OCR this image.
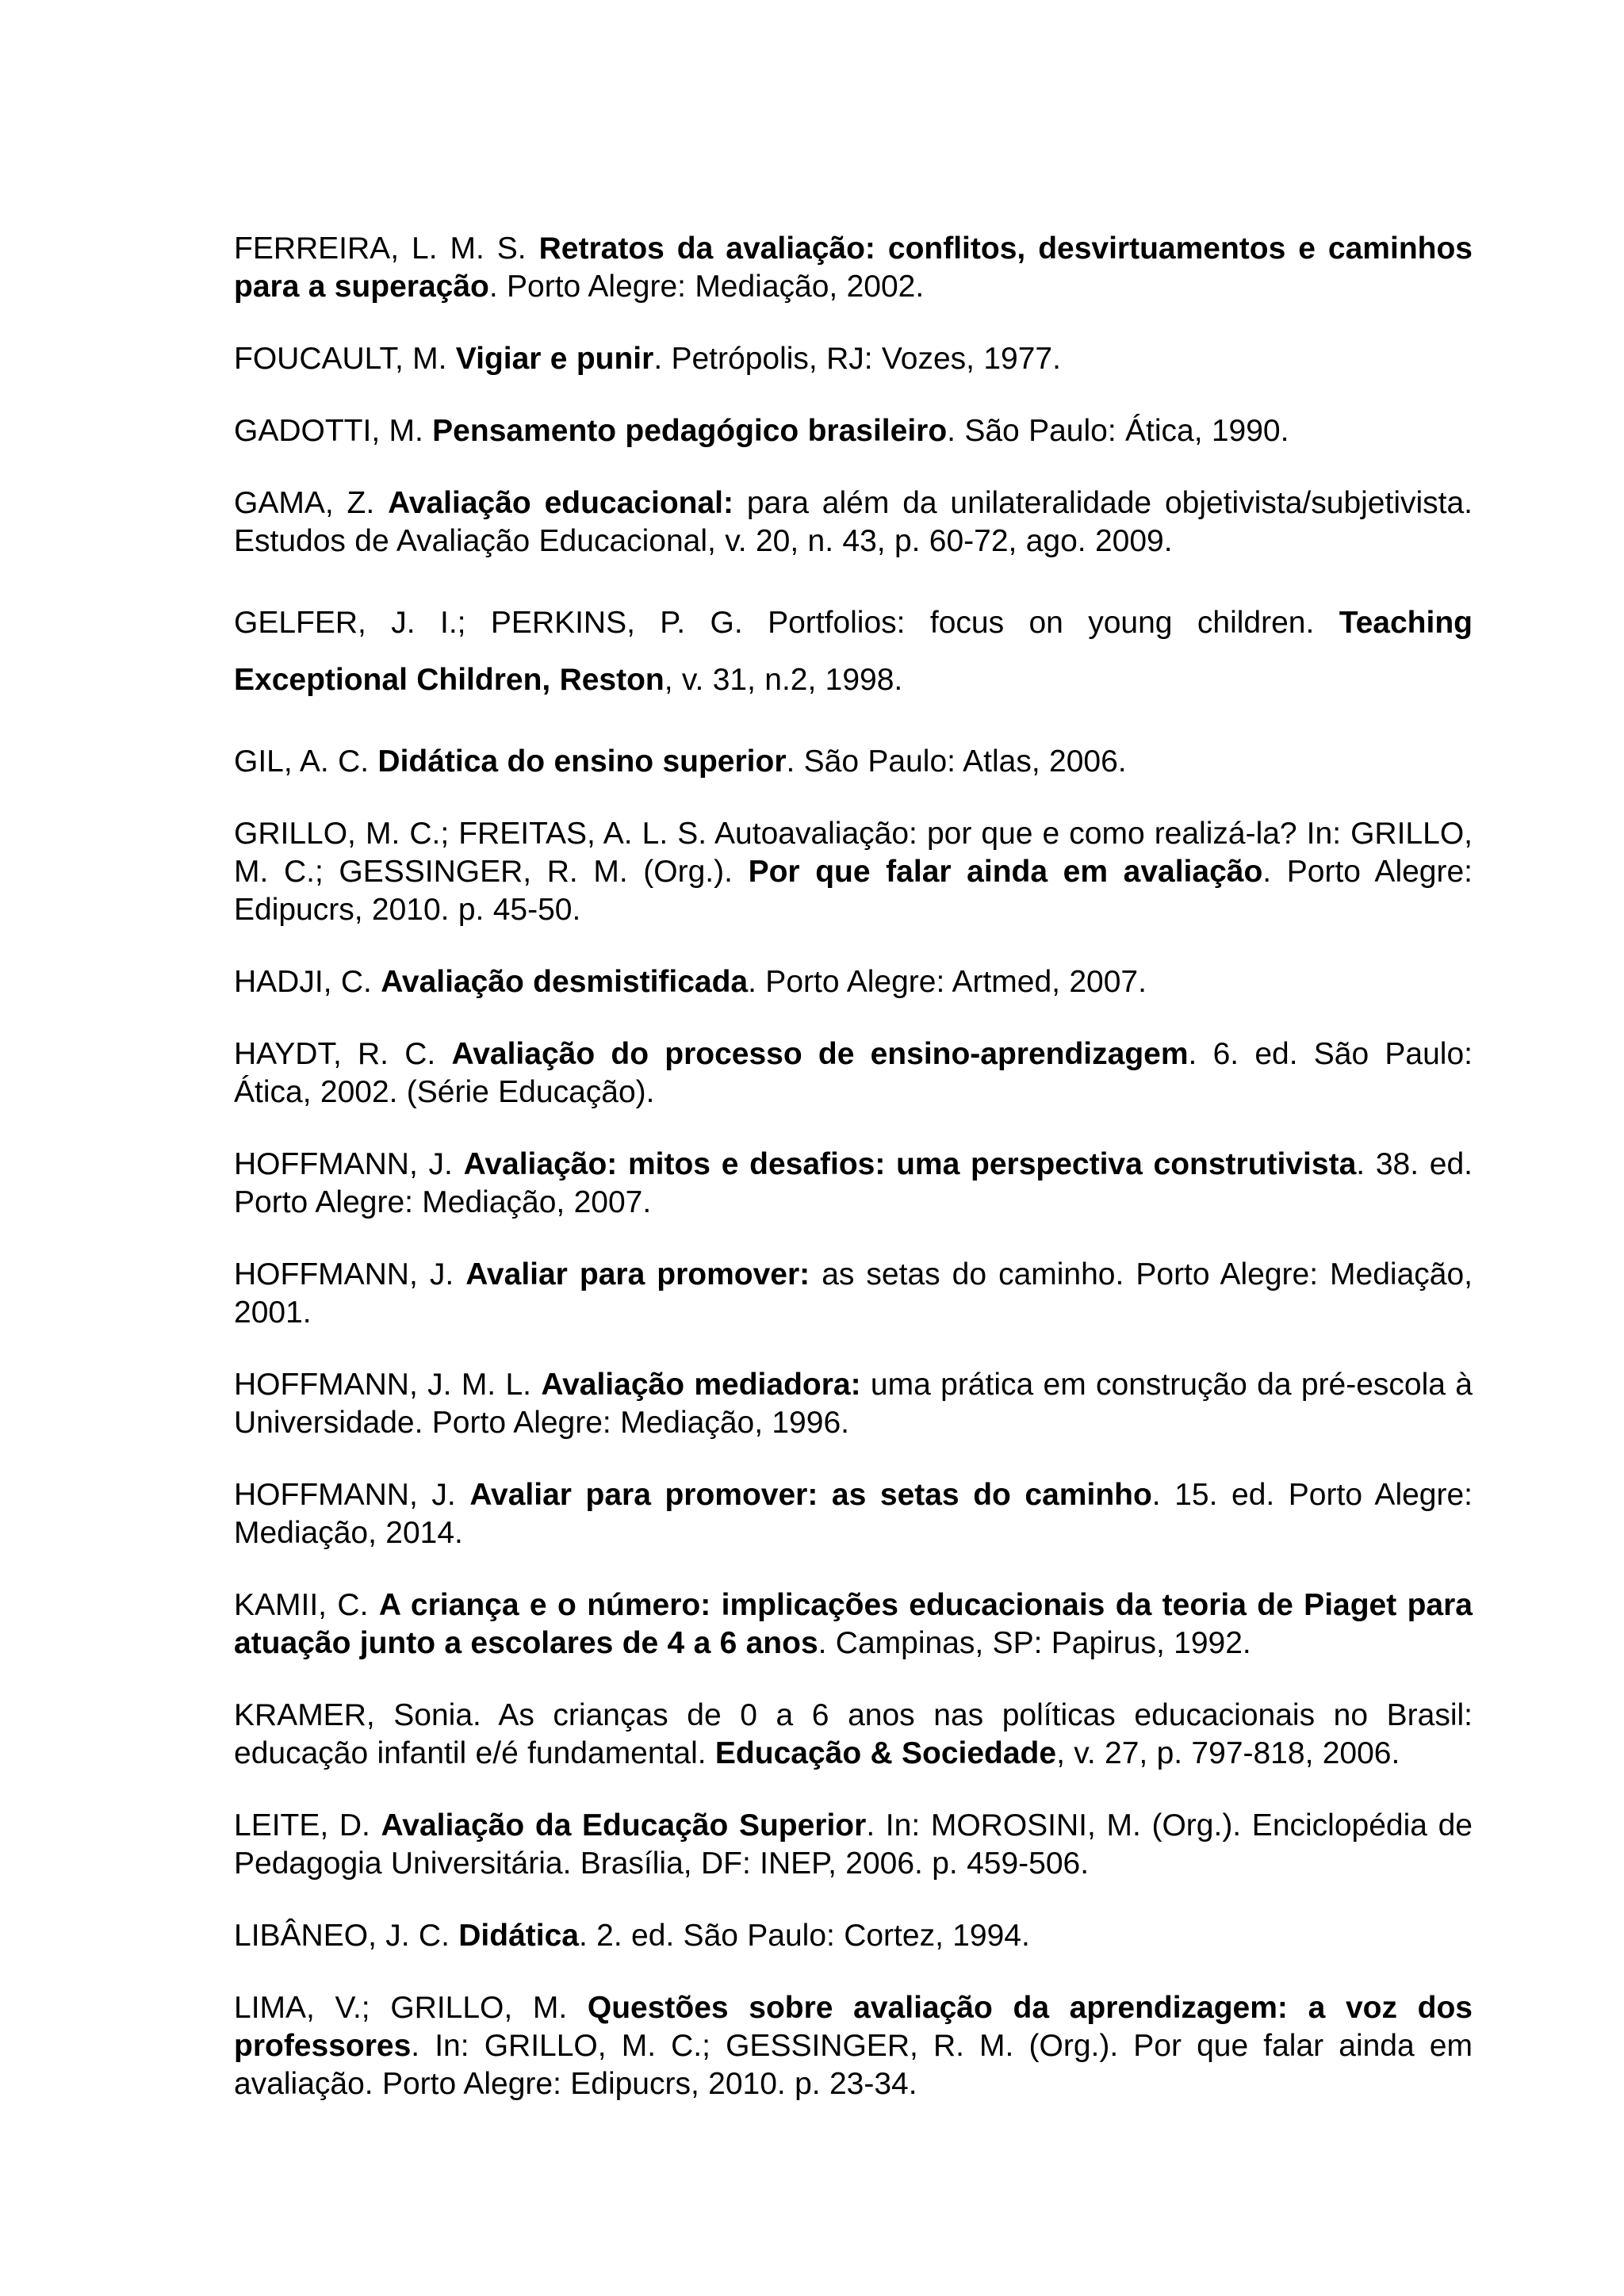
FERREIRA, L. M. S. Retratos da avaliação: conflitos, desvirtuamentos e caminhos para a superação. Porto Alegre: Mediação, 2002.

FOUCAULT, M. Vigiar e punir. Petrópolis, RJ: Vozes, 1977.

GADOTTI, M. Pensamento pedagógico brasileiro. São Paulo: Ática, 1990.

GAMA, Z. Avaliação educacional: para além da unilateralidade objetivista/subjetivista. Estudos de Avaliação Educacional, v. 20, n. 43, p. 60-72, ago. 2009.

GELFER, J. I.; PERKINS, P. G. Portfolios: focus on young children. Teaching Exceptional Children, Reston, v. 31, n.2, 1998.

GIL, A. C. Didática do ensino superior. São Paulo: Atlas, 2006.

GRILLO, M. C.; FREITAS, A. L. S. Autoavaliação: por que e como realizá-la? In: GRILLO, M. C.; GESSINGER, R. M. (Org.). Por que falar ainda em avaliação. Porto Alegre: Edipucrs, 2010. p. 45-50.

HADJI, C. Avaliação desmistificada. Porto Alegre: Artmed, 2007.

HAYDT, R. C. Avaliação do processo de ensino-aprendizagem. 6. ed. São Paulo: Ática, 2002. (Série Educação).

HOFFMANN, J. Avaliação: mitos e desafios: uma perspectiva construtivista. 38. ed. Porto Alegre: Mediação, 2007.

HOFFMANN, J. Avaliar para promover: as setas do caminho. Porto Alegre: Mediação, 2001.

HOFFMANN, J. M. L. Avaliação mediadora: uma prática em construção da pré-escola à Universidade. Porto Alegre: Mediação, 1996.

HOFFMANN, J. Avaliar para promover: as setas do caminho. 15. ed. Porto Alegre: Mediação, 2014.

KAMII, C. A criança e o número: implicações educacionais da teoria de Piaget para atuação junto a escolares de 4 a 6 anos. Campinas, SP: Papirus, 1992.

KRAMER, Sonia. As crianças de 0 a 6 anos nas políticas educacionais no Brasil: educação infantil e/é fundamental. Educação & Sociedade, v. 27, p. 797-818, 2006.

LEITE, D. Avaliação da Educação Superior. In: MOROSINI, M. (Org.). Enciclopédia de Pedagogia Universitária. Brasília, DF: INEP, 2006. p. 459-506.

LIBÂNEO, J. C. Didática. 2. ed. São Paulo: Cortez, 1994.

LIMA, V.; GRILLO, M. Questões sobre avaliação da aprendizagem: a voz dos professores. In: GRILLO, M. C.; GESSINGER, R. M. (Org.). Por que falar ainda em avaliação. Porto Alegre: Edipucrs, 2010. p. 23-34.
